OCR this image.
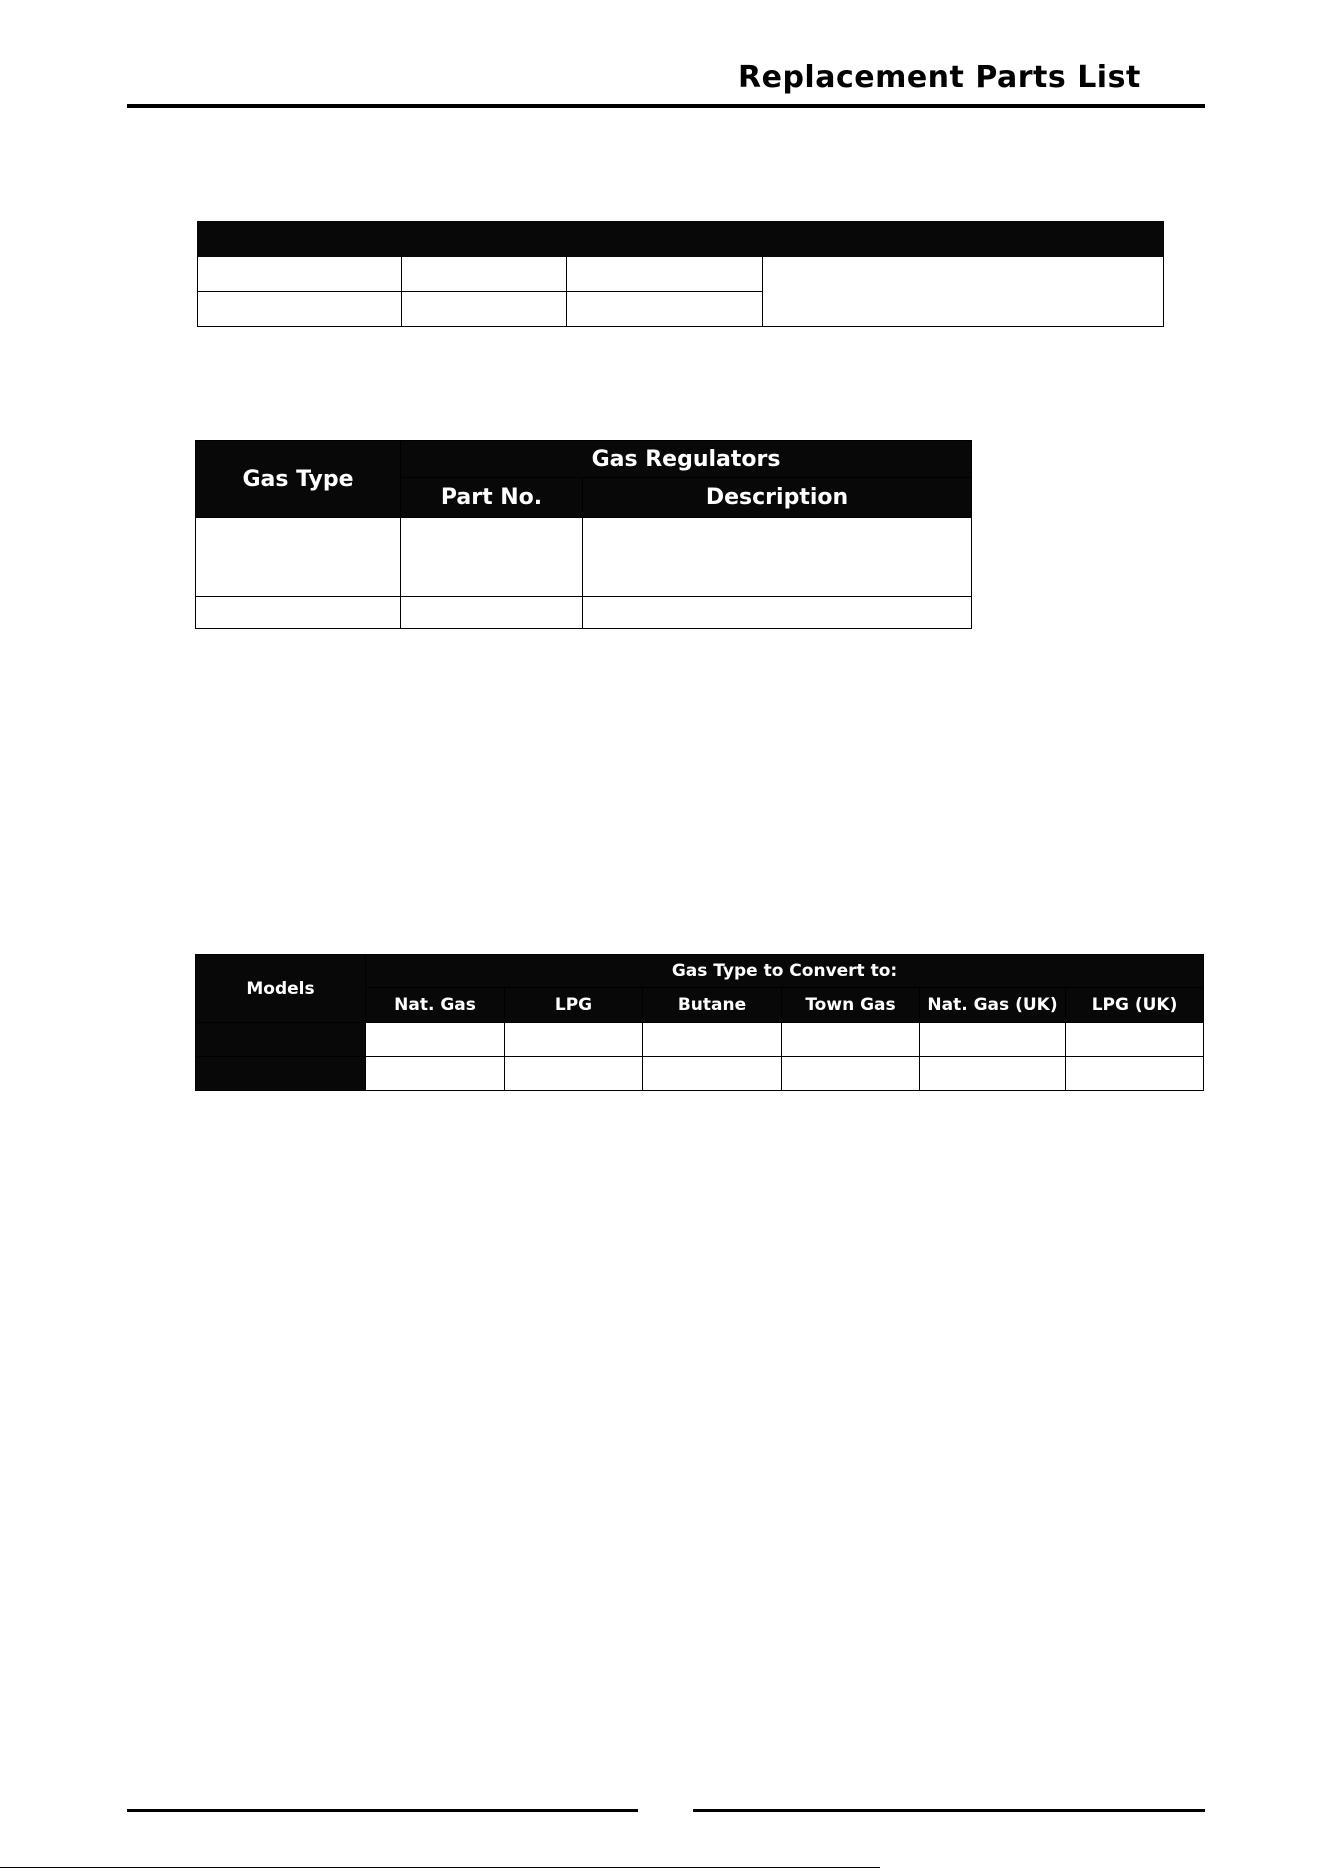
Replacement Parts List

Gas Type	Gas Regulators	
	Part No.	Description

Models	Gas Type to Convert to:					
	Nat. Gas	LPG	Butane	Town Gas	Nat. Gas (UK)	LPG (UK)
